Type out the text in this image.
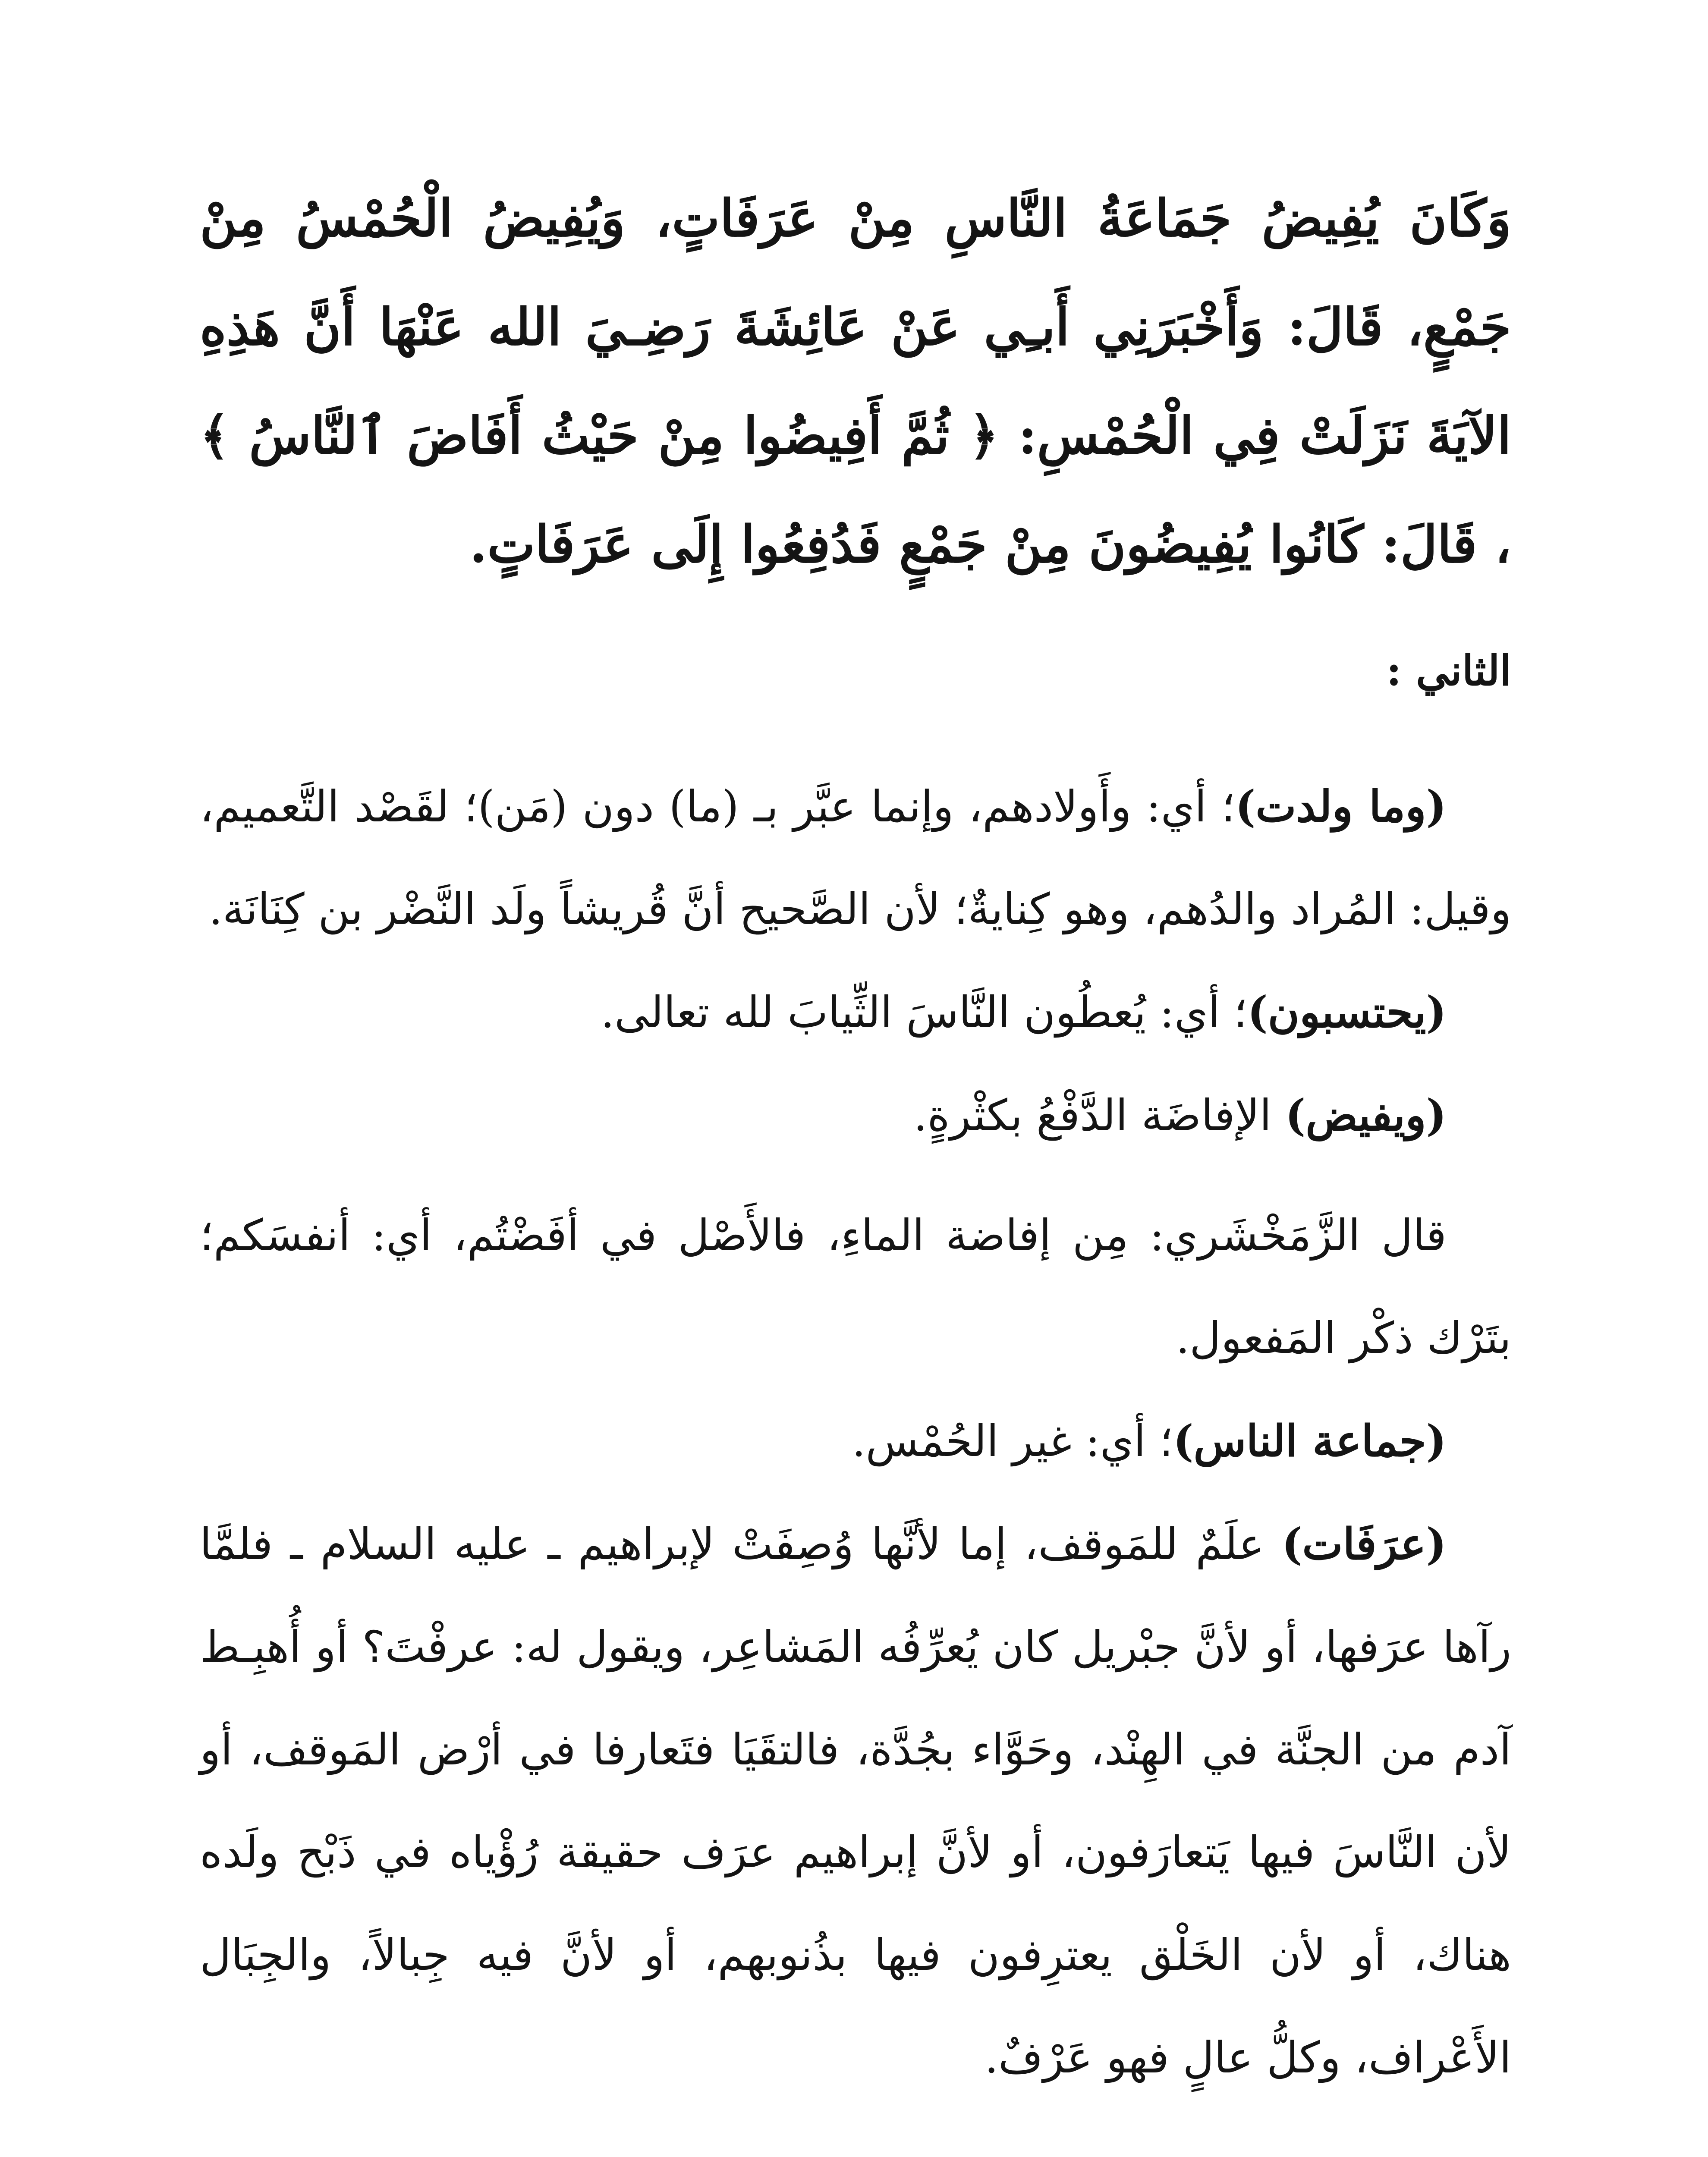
وَكَانَ يُفِيضُ جَمَاعَةُ النَّاسِ مِنْ عَرَفَاتٍ، وَيُفِيضُ الْحُمْسُ مِنْ جَمْعٍ، قَالَ: وَأَخْبَرَنِي أَبـِي عَنْ عَائِشَةَ رَضِـيَ الله عَنْهَا أَنَّ هَذِهِ الآيَةَ نَزَلَتْ فِي الْحُمْسِ: ﴿ ثُمَّ أَفِيضُوا مِنْ حَيْثُ أَفَاضَ ٱلنَّاسُ ﴾ ، قَالَ: كَانُوا يُفِيضُونَ مِنْ جَمْعٍ فَدُفِعُوا إِلَى عَرَفَاتٍ.
الثاني :

(وما ولدت)؛ أي: وأَولادهم، وإنما عبَّر بـ (ما) دون (مَن)؛ لقَصْد التَّعميم، وقيل: المُراد والدُهم، وهو كِنايةٌ؛ لأن الصَّحيح أنَّ قُريشاً ولَد النَّضْر بن كِنَانَة.

(يحتسبون)؛ أي: يُعطُون النَّاسَ الثِّيابَ لله تعالى.

(ويفيض) الإفاضَة الدَّفْعُ بكثْرةٍ.

قال الزَّمَخْشَري: مِن إفاضة الماءِ، فالأَصْل في أفَضْتُم، أي: أنفسَكم؛ بتَرْك ذكْر المَفعول.

(جماعة الناس)؛ أي: غير الحُمْس.

(عرَفَات) علَمٌ للمَوقف، إما لأنَّها وُصِفَتْ لإبراهيم ـ عليه السلام ـ فلمَّا رآها عرَفها، أو لأنَّ جبْريل كان يُعرِّفُه المَشاعِر، ويقول له: عرفْتَ؟ أو أُهبِـط آدم من الجنَّة في الهِنْد، وحَوَّاء بجُدَّة، فالتقَيَا فتَعارفا في أرْض المَوقف، أو لأن النَّاسَ فيها يَتعارَفون، أو لأنَّ إبراهيم عرَف حقيقة رُؤْياه في ذَبْح ولَده هناك، أو لأن الخَلْق يعترِفون فيها بذُنوبهم، أو لأنَّ فيه جِبالاً، والجِبَال الأَعْراف، وكلُّ عالٍ فهو عَرْفٌ.
